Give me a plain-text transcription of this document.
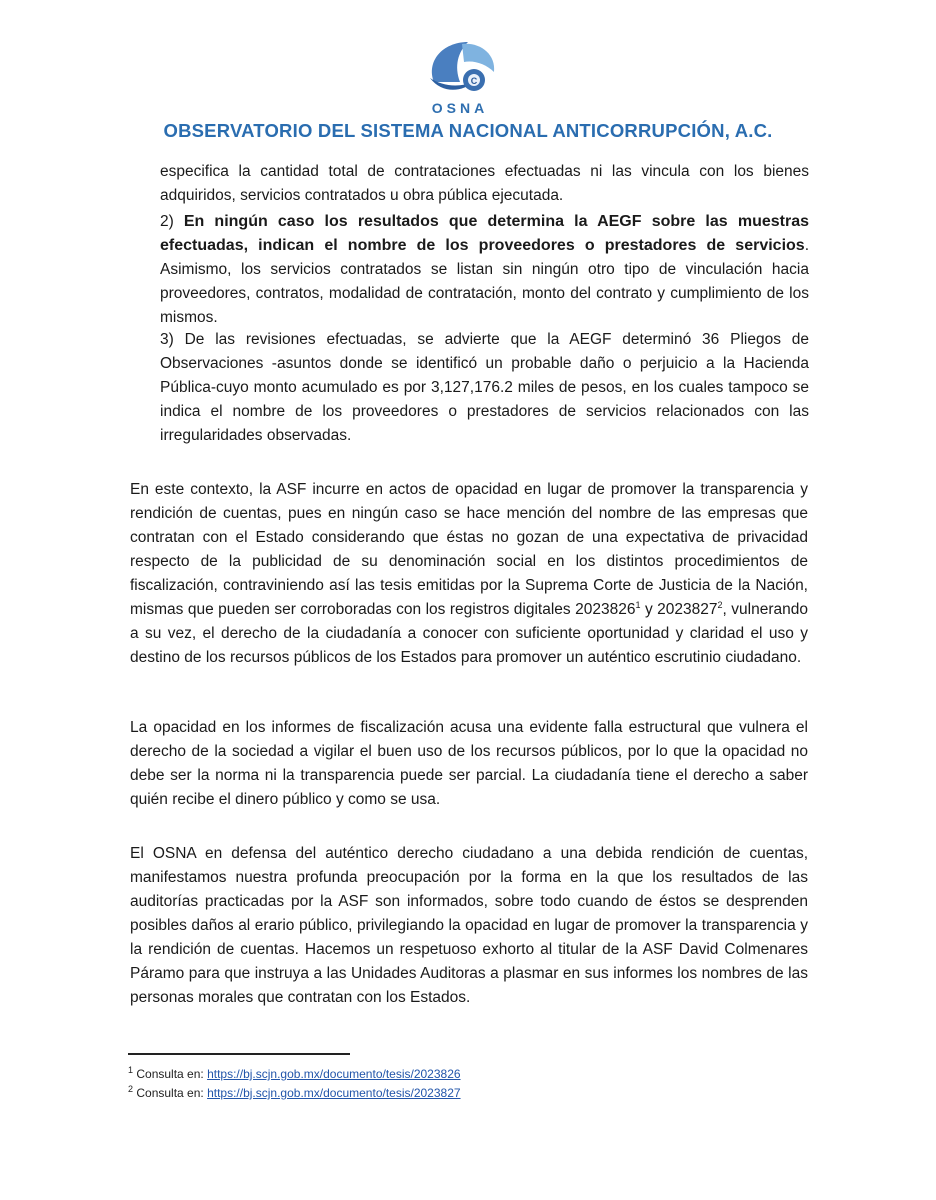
C
OSNA
OBSERVATORIO DEL SISTEMA NACIONAL ANTICORRUPCIÓN, A.C.

especifica la cantidad total de contrataciones efectuadas ni las vincula con los bienes adquiridos, servicios contratados u obra pública ejecutada.

2) En ningún caso los resultados que determina la AEGF sobre las muestras efectuadas, indican el nombre de los proveedores o prestadores de servicios. Asimismo, los servicios contratados se listan sin ningún otro tipo de vinculación hacia proveedores, contratos, modalidad de contratación, monto del contrato y cumplimiento de los mismos.

3) De las revisiones efectuadas, se advierte que la AEGF determinó 36 Pliegos de Observaciones -asuntos donde se identificó un probable daño o perjuicio a la Hacienda Pública-cuyo monto acumulado es por 3,127,176.2 miles de pesos, en los cuales tampoco se indica el nombre de los proveedores o prestadores de servicios relacionados con las irregularidades observadas.

En este contexto, la ASF incurre en actos de opacidad en lugar de promover la transparencia y rendición de cuentas, pues en ningún caso se hace mención del nombre de las empresas que contratan con el Estado considerando que éstas no gozan de una expectativa de privacidad respecto de la publicidad de su denominación social en los distintos procedimientos de fiscalización, contraviniendo así las tesis emitidas por la Suprema Corte de Justicia de la Nación, mismas que pueden ser corroboradas con los registros digitales 2023826$^1$ y 2023827$^2$, vulnerando a su vez, el derecho de la ciudadanía a conocer con suficiente oportunidad y claridad el uso y destino de los recursos públicos de los Estados para promover un auténtico escrutinio ciudadano.

La opacidad en los informes de fiscalización acusa una evidente falla estructural que vulnera el derecho de la sociedad a vigilar el buen uso de los recursos públicos, por lo que la opacidad no debe ser la norma ni la transparencia puede ser parcial. La ciudadanía tiene el derecho a saber quién recibe el dinero público y como se usa.

El OSNA en defensa del auténtico derecho ciudadano a una debida rendición de cuentas, manifestamos nuestra profunda preocupación por la forma en la que los resultados de las auditorías practicadas por la ASF son informados, sobre todo cuando de éstos se desprenden posibles daños al erario público, privilegiando la opacidad en lugar de promover la transparencia y la rendición de cuentas. Hacemos un respetuoso exhorto al titular de la ASF David Colmenares Páramo para que instruya a las Unidades Auditoras a plasmar en sus informes los nombres de las personas morales que contratan con los Estados.

$^1$ Consulta en: https://bj.scjn.gob.mx/documento/tesis/2023826
$^2$ Consulta en: https://bj.scjn.gob.mx/documento/tesis/2023827
